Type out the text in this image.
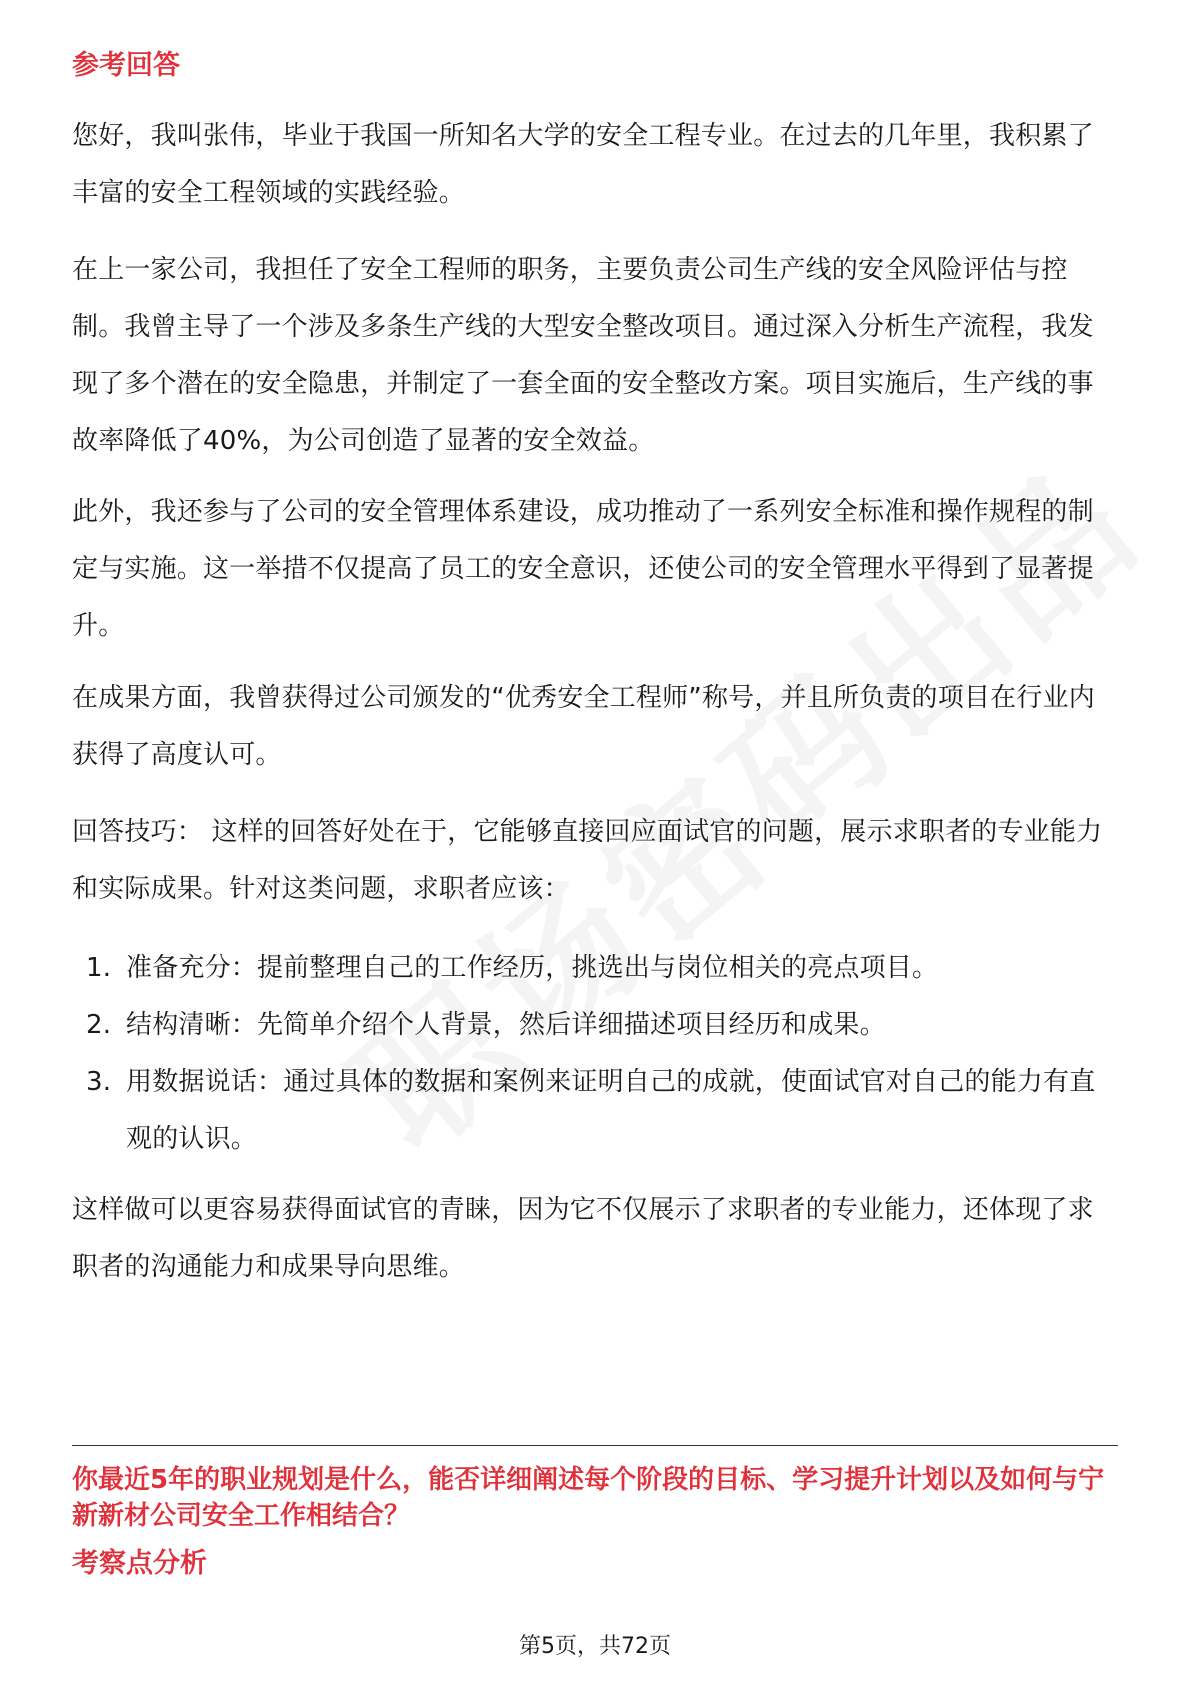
参考回答

您好，我叫张伟，毕业于我国一所知名大学的安全工程专业。在过去的几年里，我积累了丰富的安全工程领域的实践经验。

在上一家公司，我担任了安全工程师的职务，主要负责公司生产线的安全风险评估与控制。我曾主导了一个涉及多条生产线的大型安全整改项目。通过深入分析生产流程，我发现了多个潜在的安全隐患，并制定了一套全面的安全整改方案。项目实施后，生产线的事故率降低了40%，为公司创造了显著的安全效益。

此外，我还参与了公司的安全管理体系建设，成功推动了一系列安全标准和操作规程的制定与实施。这一举措不仅提高了员工的安全意识，还使公司的安全管理水平得到了显著提升。

在成果方面，我曾获得过公司颁发的“优秀安全工程师”称号，并且所负责的项目在行业内获得了高度认可。

回答技巧： 这样的回答好处在于，它能够直接回应面试官的问题，展示求职者的专业能力和实际成果。针对这类问题，求职者应该：

1. 准备充分：提前整理自己的工作经历，挑选出与岗位相关的亮点项目。
2. 结构清晰：先简单介绍个人背景，然后详细描述项目经历和成果。
3. 用数据说话：通过具体的数据和案例来证明自己的成就，使面试官对自己的能力有直观的认识。

这样做可以更容易获得面试官的青睐，因为它不仅展示了求职者的专业能力，还体现了求职者的沟通能力和成果导向思维。

你最近5年的职业规划是什么，能否详细阐述每个阶段的目标、学习提升计划以及如何与宁新新材公司安全工作相结合？
考察点分析
第5页，共72页
